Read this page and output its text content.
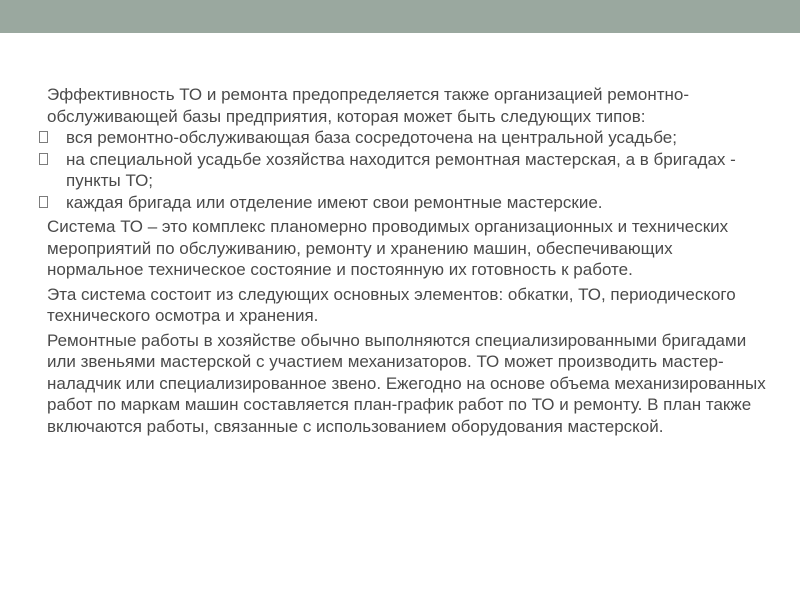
Эффективность ТО и ремонта предопределяется также организацией ремонтно-обслуживающей базы предприятия, которая может быть следующих типов:

вся ремонтно-обслуживающая база сосредоточена на центральной усадьбе;
на специальной усадьбе хозяйства находится ремонтная мастерская, а в бригадах - пункты ТО;
каждая бригада или отделение имеют свои ремонтные мастерские.

Система ТО – это комплекс планомерно проводимых организационных и технических мероприятий по обслуживанию, ремонту и хранению машин, обеспечивающих нормальное техническое состояние и постоянную их готовность к работе.

Эта система состоит из следующих основных элементов: обкатки, ТО, периодического технического осмотра и хранения.

Ремонтные работы в хозяйстве обычно выполняются специализированными бригадами или звеньями мастерской с участием механизаторов. ТО может производить мастер-наладчик или специализированное звено. Ежегодно на основе объема механизированных работ по маркам машин составляется план-график работ по ТО и ремонту. В план также включаются работы, связанные с использованием оборудования мастерской.
